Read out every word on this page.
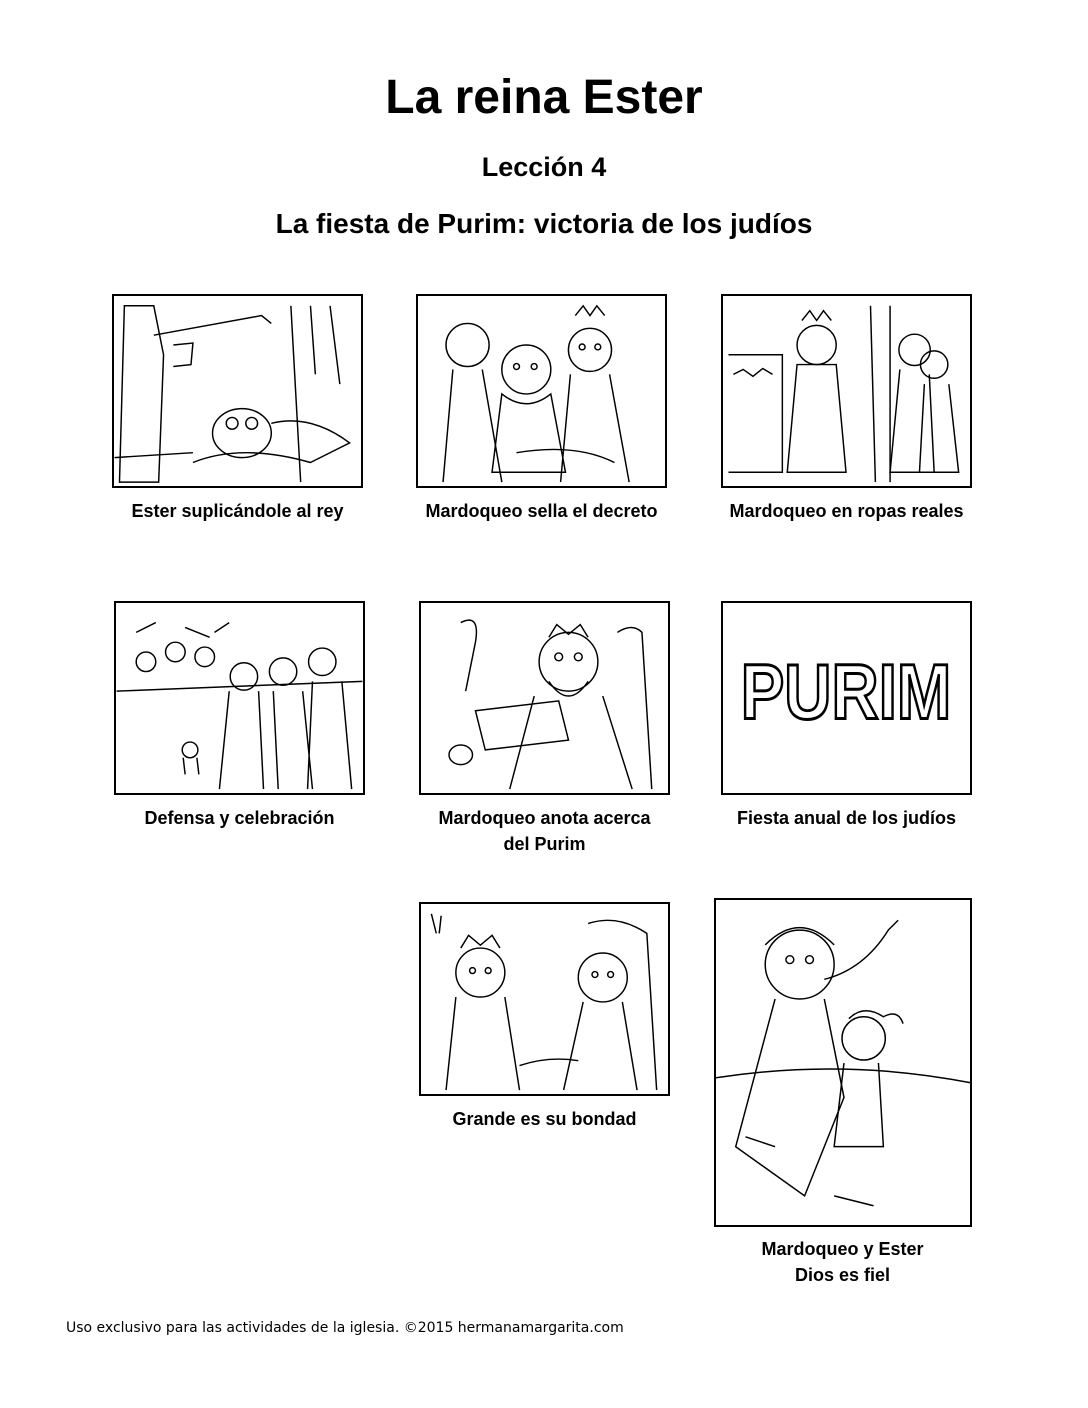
La reina Ester
Lección 4
La fiesta de Purim: victoria de los judíos
Ester suplicándole al rey	Mardoqueo sella el decreto	Mardoqueo en ropas reales
Defensa y celebración	Mardoqueo anota acerca
del Purim
PURIM
Fiesta anual de los judíos
Grande es su bondad
Mardoqueo y Ester
Dios es fiel
Uso exclusivo para las actividades de la iglesia. ©2015 hermanamargarita.com
